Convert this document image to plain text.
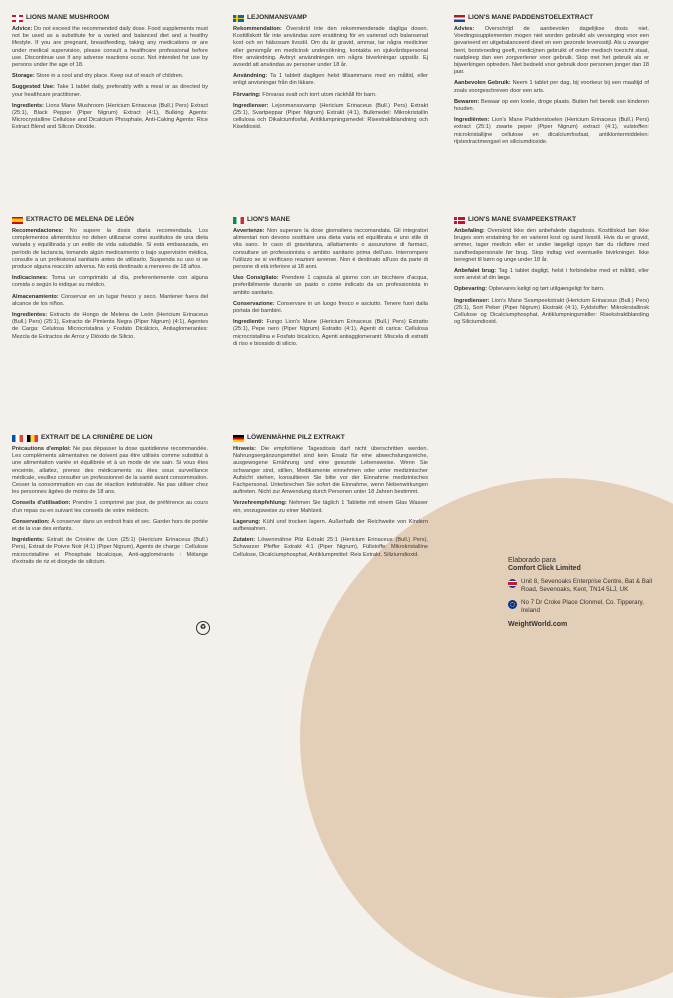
LIONS MANE MUSHROOM

Advice: Do not exceed the recommended daily dose. Food supplements must not be used as a substitute for a varied and balanced diet and a healthy lifestyle. If you are pregnant, breastfeeding, taking any medications or are under medical supervision, please consult a healthcare professional before use. Discontinue use if any adverse reactions occur. Not intended for use by persons under the age of 18.

Storage: Store in a cool and dry place. Keep out of reach of children.

Suggested Use: Take 1 tablet daily, preferably with a meal or as directed by your healthcare practitioner.

Ingredients: Lions Mane Mushroom (Hericium Erinaceus (Bull.) Pers) Extract (25:1), Black Pepper (Piper Nigrum) Extract (4:1), Bulking Agents: Microcrystalline Cellulose and Dicalcium Phosphate, Anti-Caking Agents: Rice Extract Blend and Silicon Dioxide.

LEJONMANSVAMP

Rekommendation: Överskrid inte den rekommenderade dagliga dosen. Kosttillskott får inte användas som ersättning för en varierad och balanserad kost och en hälsosam livsstil. Om du är gravid, ammar, tar några mediciner eller genomgår en medicinsk undersökning, kontakta en sjukvårdspersonal före användning. Avbryt användningen om några biverkningar uppstår. Ej avsedd att användas av personer under 18 år.

Användning: Ta 1 tablett dagligen helst tillsammans med en måltid, eller enligt anvisningar från din läkare.

Förvaring: Förvaras svalt och torrt utom räckhåll för barn.

Ingredienser: Lejonmanssvamp (Hericium Erinaceus (Bull.) Pers) Extrakt (25:1), Svartpeppar (Piper Nigrum) Extrakt (4:1), Bulkmedel: Mikrokristallin cellulosa och Dikalciumfosfat, Antiklumpningsmedel: Risextraktblandning och Kiseldioxid.

LION'S MANE PADDENSTOELEXTRACT

Advies: Overschrijd de aanbevolen dagelijkse dosis niet. Voedingssupplementen mogen niet worden gebruikt als vervanging voor een gevarieerd en uitgebalanceerd dieet en een gezonde levensstijl. Als u zwanger bent, borstvoeding geeft, medicijnen gebruikt of onder medisch toezicht staat, raadpleeg dan een zorgverlener voor gebruik. Stop met het gebruik als er bijwerkingen optreden. Niet bedoeld voor gebruik door personen jonger dan 18 jaar.

Aanbevolen Gebruik: Neem 1 tablet per dag, bij voorkeur bij een maaltijd of zoals voorgeschreven door een arts.

Bewaren: Bewaar op een koele, droge plaats. Buiten het bereik van kinderen houden.

Ingrediënten: Lion's Mane Paddenstoelen (Hericium Erinaceus (Bull.) Pers) extract (25:1) zwarte peper (Piper Nigrum) extract (4:1), vulstoffen: microkristallijne cellulose en dicalciumfosfaat, antiklontermiddelen: rijstextractmengsel en siliciumdioxide.

EXTRACTO DE MELENA DE LEÓN

Recomendaciones: No supere la dosis diaria recomendada. Los complementos alimenticios no deben utilizarse como sustitutos de una dieta variada y equilibrada y un estilo de vida saludable. Si está embarazada, en período de lactancia, tomando algún medicamento o bajo supervisión médica, consulte a un profesional sanitario antes de utilizarlo. Suspenda su uso si se produce alguna reacción adversa. No está destinado a menores de 18 años.

Indicaciones: Toma un comprimido al día, preferentemente con alguna comida o según lo indique su médico.

Almacenamiento: Conservar en un lugar fresco y seco. Mantener fuera del alcance de los niños.

Ingredientes: Extracto de Hongo de Melena de León (Hericium Erinaceus (Bull.) Pers) (25:1), Extracto de Pimienta Negra (Piper Nigrum) (4:1), Agentes de Carga: Celulosa Microcristalina y Fosfato Dicálcico, Antiaglomerantes: Mezcla de Extractos de Arroz y Dióxido de Silicio.

LION'S MANE

Avvertenze: Non superare la dose giornaliera raccomandata. Gli integratori alimentari non devono sostituire una dieta varia ed equilibrata e uno stile di vita sano. In caso di gravidanza, allattamento o assunzione di farmaci, consultare un professionista o ambito sanitario prima dell'uso. Interrompere l'utilizzo se si verificano reazioni avverse. Non è destinato all'uso da parte di persone di età inferiore ai 18 anni.

Uso Consigliato: Prendere 1 capsula al giorno con un bicchiere d'acqua, preferibilmente durante un pasto o come indicato da un professionista in ambito sanitario.

Conservazione: Conservare in un luogo fresco e asciutto. Tenere fuori dalla portata dei bambini.

Ingredienti: Fungo Lion's Mane (Hericium Erinaceus (Bull.) Pers) Estratto (25:1), Pepe nero (Piper Nigrum) Estratto (4:1), Agenti di carica: Cellulosa microcristallina e Fosfato bicalcico, Agenti antiagglomeranti: Miscela di estratti di riso e biossido di silicio.

LION'S MANE SVAMPEEKSTRAKT

Anbefaling: Overskrid ikke den anbefalede dagsdosis. Kosttilskud bør ikke bruges som erstatning for en varieret kost og sund livsstil. Hvis du er gravid, ammer, tager medicin eller er under lægeligt opsyn bør du rådføre med sundhedspersonale før brug. Stop indtag ved eventuelle bivirkninger. Ikke beregnet til børn og unge under 18 år.

Anbefalet brug: Tag 1 tablet dagligt, helst i forbindelse med et måltid, eller som anvist af din læge.

Opbevaring: Opbevares køligt og tørt utilgængeligt for børn.

Ingredienser: Lion's Mane Svampeekstrakt (Hericium Erinaceus (Bull.) Pers) (25:1), Sort Peber (Piper Nigrum) Ekstrakt (4:1), Fyldstoffer: Mikrokrstallinsk Cellulose og Dicalciumphosphat, Antiklumpningsmidler: Risekstraktblanding og Siliciumdioxid.

EXTRAIT DE LA CRINIÈRE DE LION

Précautions d'emploi: Ne pas dépasser la dose quotidienne recommandée. Les compléments alimentaires ne doivent pas être utilisés comme substitut à une alimentation variée et équilibrée et à un mode de vie sain. Si vous êtes enceinte, allaitez, prenez des médicaments ou êtes sous surveillance médicale, veuillez consulter un professionnel de la santé avant consommation. Cesser la consommation en cas de réaction indésirable. Ne pas utiliser chez les personnes âgées de moins de 18 ans.

Conseils d'utilisation: Prendre 1 comprimé par jour, de préférence au cours d'un repas ou en suivant les conseils de votre médecin.

Conservation: À conserver dans un endroit frais et sec. Garder hors de portée et de la vue des enfants.

Ingrédients: Extrait de Crinière de Lion (25:1) (Hericium Erinaceus (Bull.) Pers), Extrait de Poivre Noir (4:1) (Piper Nigrum), Agents de charge : Cellulose microcristalline et Phosphate bicalcique, Anti-agglomérants : Mélange d'extraits de riz et dioxyde de silicium.

LÖWENMÄHNE PILZ EXTRAKT

Hinweis: Die empfohlene Tagesdosis darf nicht überschritten werden. Nahrungsergänzungsmittel sind kein Ersatz für eine abwechslungsreiche, ausgewogene Ernährung und eine gesunde Lebensweise. Wenn Sie schwanger sind, stillen, Medikamente einnehmen oder unter medizinischer Aufsicht stehen, konsultieren Sie bitte vor der Einnahme medizinisches Fachpersonal. Unterbrechen Sie sofort die Einnahme, wenn Nebenwirkungen auftreten. Nicht zur Anwendung durch Personen unter 18 Jahren bestimmt.

Verzehrempfehlung: Nehmen Sie täglich 1 Tablette mit einem Glas Wasser ein, vorzugsweise zu einer Mahlzeit.

Lagerung: Kühl und trocken lagern. Außerhalb der Reichweite von Kindern aufbewahren.

Zutaten: Löwenmähne Pilz Extrakt 25:1 (Hericium Erinaceus (Bull.) Pers), Schwarzer Pfeffer Extrakt 4:1 (Piper Nigrum), Füllstoffe: Mikrokristalline Cellulose, Dicalciumphosphat, Antiklumpmittel: Reis Extrakt, Siliziumdioxid.

♻
Elaborado para
Comfort Click Limited
Unit 8, Sevenoaks Enterprise Centre, Bat & Ball Road, Sevenoaks, Kent, TN14 5LJ, UK
No 7 Dr Croke Place Clonmel, Co. Tipperary, Ireland
WeightWorld.com
